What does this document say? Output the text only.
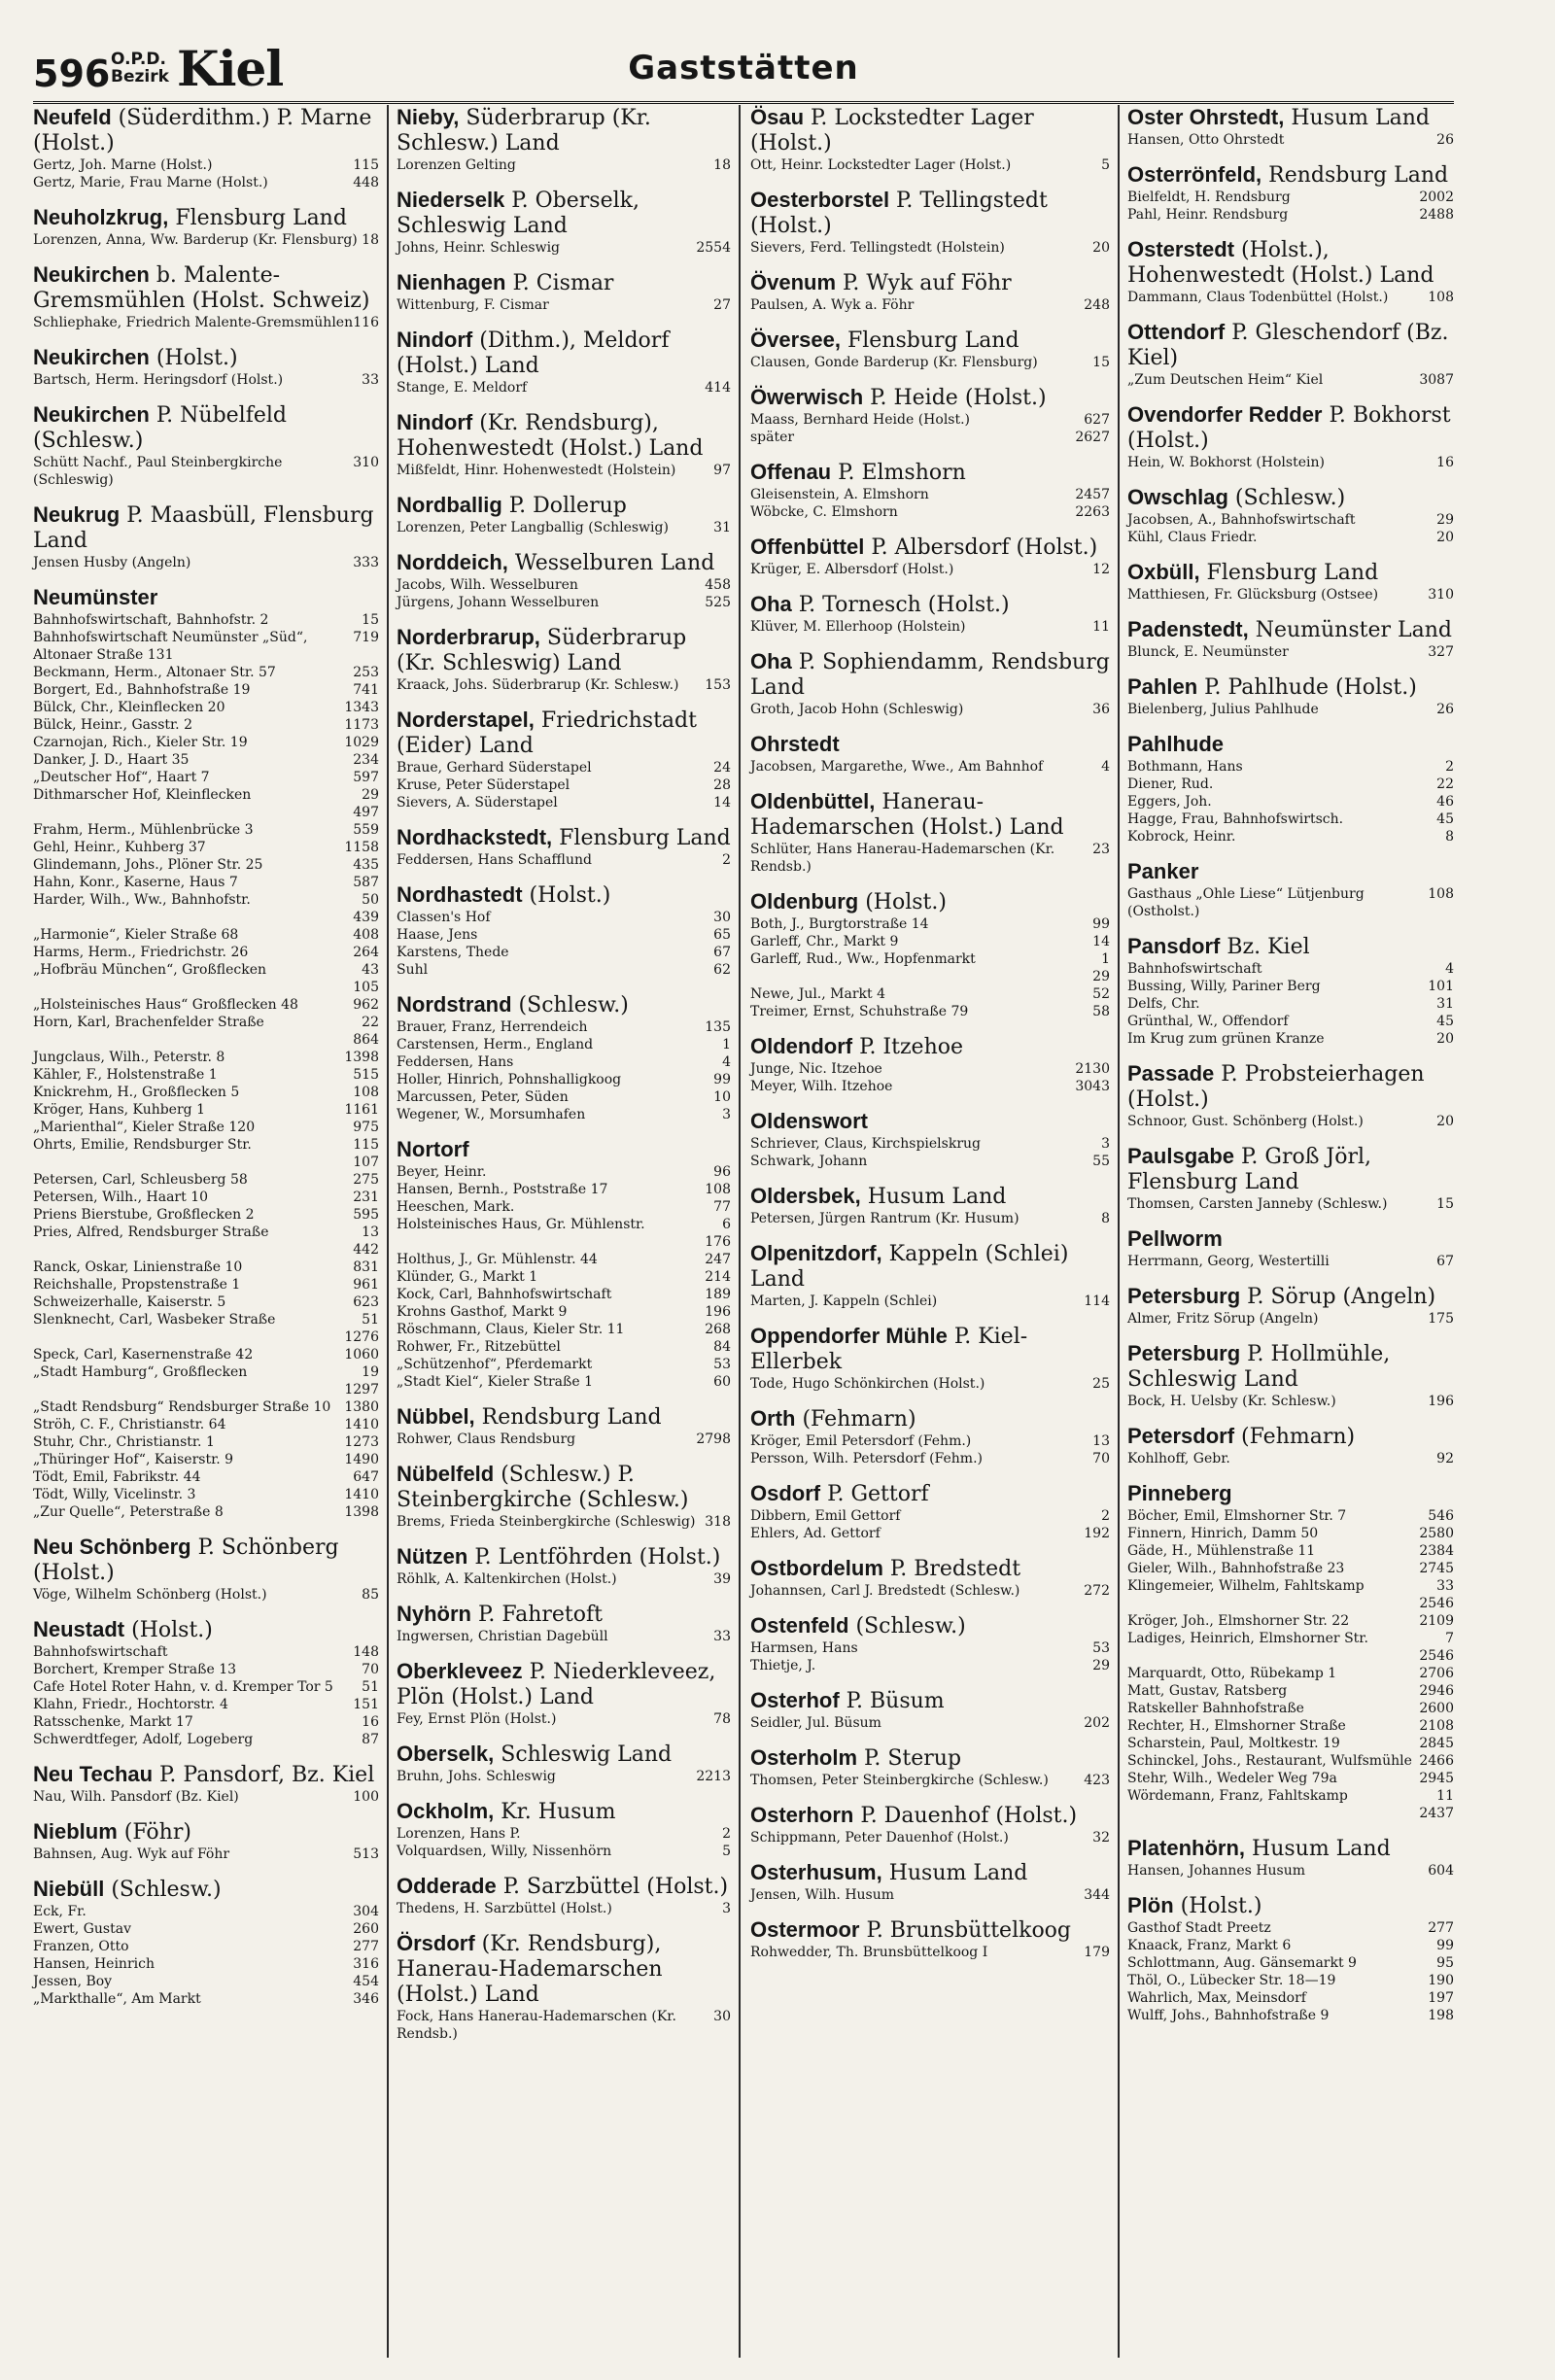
596 O.P.D.
Bezirk Kiel	Gaststätten
Neufeld (Süderdithm.) P. Marne (Holst.)
115
Gertz, Joh. Marne (Holst.)
448
Gertz, Marie, Frau Marne (Holst.)
Neuholzkrug, Flensburg Land
18
Lorenzen, Anna, Ww. Barderup (Kr. Flensburg)
Neukirchen b. Malente-Gremsmühlen (Holst. Schweiz)
116
Schliephake, Friedrich Malente-Gremsmühlen
Neukirchen (Holst.)
33
Bartsch, Herm. Heringsdorf (Holst.)
Neukirchen P. Nübelfeld (Schlesw.)
310
Schütt Nachf., Paul Steinbergkirche (Schleswig)
Neukrug P. Maasbüll, Flensburg Land
333
Jensen Husby (Angeln)
Neumünster
15
Bahnhofswirtschaft, Bahnhofstr. 2
719
Bahnhofswirtschaft Neumünster „Süd“, Altonaer Straße 131
253
Beckmann, Herm., Altonaer Str. 57
741
Borgert, Ed., Bahnhofstraße 19
1343
Bülck, Chr., Kleinflecken 20
1173
Bülck, Heinr., Gasstr. 2
1029
Czarnojan, Rich., Kieler Str. 19
234
Danker, J. D., Haart 35
597
„Deutscher Hof“, Haart 7
29
Dithmarscher Hof, Kleinflecken
497
559
Frahm, Herm., Mühlenbrücke 3
1158
Gehl, Heinr., Kuhberg 37
435
Glindemann, Johs., Plöner Str. 25
587
Hahn, Konr., Kaserne, Haus 7
50
Harder, Wilh., Ww., Bahnhofstr.
439
408
„Harmonie“, Kieler Straße 68
264
Harms, Herm., Friedrichstr. 26
43
„Hofbräu München“, Großflecken
105
962
„Holsteinisches Haus“ Großflecken 48
22
Horn, Karl, Brachenfelder Straße
864
1398
Jungclaus, Wilh., Peterstr. 8
515
Kähler, F., Holstenstraße 1
108
Knickrehm, H., Großflecken 5
1161
Kröger, Hans, Kuhberg 1
975
„Marienthal“, Kieler Straße 120
115
Ohrts, Emilie, Rendsburger Str.
107
275
Petersen, Carl, Schleusberg 58
231
Petersen, Wilh., Haart 10
595
Priens Bierstube, Großflecken 2
13
Pries, Alfred, Rendsburger Straße
442
831
Ranck, Oskar, Linienstraße 10
961
Reichshalle, Propstenstraße 1
623
Schweizerhalle, Kaiserstr. 5
51
Slenknecht, Carl, Wasbeker Straße
1276
1060
Speck, Carl, Kasernenstraße 42
19
„Stadt Hamburg“, Großflecken
1297
1380
„Stadt Rendsburg“ Rendsburger Straße 10
1410
Ströh, C. F., Christianstr. 64
1273
Stuhr, Chr., Christianstr. 1
1490
„Thüringer Hof“, Kaiserstr. 9
647
Tödt, Emil, Fabrikstr. 44
1410
Tödt, Willy, Vicelinstr. 3
1398
„Zur Quelle“, Peterstraße 8
Neu Schönberg P. Schönberg (Holst.)
85
Vöge, Wilhelm Schönberg (Holst.)
Neustadt (Holst.)
148
Bahnhofswirtschaft
70
Borchert, Kremper Straße 13
51
Cafe Hotel Roter Hahn, v. d. Kremper Tor 5
151
Klahn, Friedr., Hochtorstr. 4
16
Ratsschenke, Markt 17
87
Schwerdtfeger, Adolf, Logeberg
Neu Techau P. Pansdorf, Bz. Kiel
100
Nau, Wilh. Pansdorf (Bz. Kiel)
Nieblum (Föhr)
513
Bahnsen, Aug. Wyk auf Föhr
Niebüll (Schlesw.)
304
Eck, Fr.
260
Ewert, Gustav
277
Franzen, Otto
316
Hansen, Heinrich
454
Jessen, Boy
346
„Markthalle“, Am Markt
Nieby, Süderbrarup (Kr. Schlesw.) Land
18
Lorenzen Gelting
Niederselk P. Oberselk, Schleswig Land
2554
Johns, Heinr. Schleswig
Nienhagen P. Cismar
27
Wittenburg, F. Cismar
Nindorf (Dithm.), Meldorf (Holst.) Land
414
Stange, E. Meldorf
Nindorf (Kr. Rendsburg), Hohenwestedt (Holst.) Land
97
Mißfeldt, Hinr. Hohenwestedt (Holstein)
Nordballig P. Dollerup
31
Lorenzen, Peter Langballig (Schleswig)
Norddeich, Wesselburen Land
458
Jacobs, Wilh. Wesselburen
525
Jürgens, Johann Wesselburen
Norderbrarup, Süderbrarup (Kr. Schleswig) Land
153
Kraack, Johs. Süderbrarup (Kr. Schlesw.)
Norderstapel, Friedrichstadt (Eider) Land
24
Braue, Gerhard Süderstapel
28
Kruse, Peter Süderstapel
14
Sievers, A. Süderstapel
Nordhackstedt, Flensburg Land
2
Feddersen, Hans Schafflund
Nordhastedt (Holst.)
30
Classen's Hof
65
Haase, Jens
67
Karstens, Thede
62
Suhl
Nordstrand (Schlesw.)
135
Brauer, Franz, Herrendeich
1
Carstensen, Herm., England
4
Feddersen, Hans
99
Holler, Hinrich, Pohnshalligkoog
10
Marcussen, Peter, Süden
3
Wegener, W., Morsumhafen
Nortorf
96
Beyer, Heinr.
108
Hansen, Bernh., Poststraße 17
77
Heeschen, Mark.
6
Holsteinisches Haus, Gr. Mühlenstr.
176
247
Holthus, J., Gr. Mühlenstr. 44
214
Klünder, G., Markt 1
189
Kock, Carl, Bahnhofswirtschaft
196
Krohns Gasthof, Markt 9
268
Röschmann, Claus, Kieler Str. 11
84
Rohwer, Fr., Ritzebüttel
53
„Schützenhof“, Pferdemarkt
60
„Stadt Kiel“, Kieler Straße 1
Nübbel, Rendsburg Land
2798
Rohwer, Claus Rendsburg
Nübelfeld (Schlesw.) P. Steinbergkirche (Schlesw.)
318
Brems, Frieda Steinbergkirche (Schleswig)
Nützen P. Lentföhrden (Holst.)
39
Röhlk, A. Kaltenkirchen (Holst.)
Nyhörn P. Fahretoft
33
Ingwersen, Christian Dagebüll
Oberkleveez P. Niederkleveez, Plön (Holst.) Land
78
Fey, Ernst Plön (Holst.)
Oberselk, Schleswig Land
2213
Bruhn, Johs. Schleswig
Ockholm, Kr. Husum
2
Lorenzen, Hans P.
5
Volquardsen, Willy, Nissenhörn
Odderade P. Sarzbüttel (Holst.)
3
Thedens, H. Sarzbüttel (Holst.)
Örsdorf (Kr. Rendsburg), Hanerau-Hademarschen (Holst.) Land
30
Fock, Hans Hanerau-Hademarschen (Kr. Rendsb.)
Ösau P. Lockstedter Lager (Holst.)
5
Ott, Heinr. Lockstedter Lager (Holst.)
Oesterborstel P. Tellingstedt (Holst.)
20
Sievers, Ferd. Tellingstedt (Holstein)
Övenum P. Wyk auf Föhr
248
Paulsen, A. Wyk a. Föhr
Översee, Flensburg Land
15
Clausen, Gonde Barderup (Kr. Flensburg)
Öwerwisch P. Heide (Holst.)
627
Maass, Bernhard Heide (Holst.)
2627
später
Offenau P. Elmshorn
2457
Gleisenstein, A. Elmshorn
2263
Wöbcke, C. Elmshorn
Offenbüttel P. Albersdorf (Holst.)
12
Krüger, E. Albersdorf (Holst.)
Oha P. Tornesch (Holst.)
11
Klüver, M. Ellerhoop (Holstein)
Oha P. Sophiendamm, Rendsburg Land
36
Groth, Jacob Hohn (Schleswig)
Ohrstedt
4
Jacobsen, Margarethe, Wwe., Am Bahnhof
Oldenbüttel, Hanerau-Hademarschen (Holst.) Land
23
Schlüter, Hans Hanerau-Hademarschen (Kr. Rendsb.)
Oldenburg (Holst.)
99
Both, J., Burgtorstraße 14
14
Garleff, Chr., Markt 9
1
Garleff, Rud., Ww., Hopfenmarkt
29
52
Newe, Jul., Markt 4
58
Treimer, Ernst, Schuhstraße 79
Oldendorf P. Itzehoe
2130
Junge, Nic. Itzehoe
3043
Meyer, Wilh. Itzehoe
Oldenswort
3
Schriever, Claus, Kirchspielskrug
55
Schwark, Johann
Oldersbek, Husum Land
8
Petersen, Jürgen Rantrum (Kr. Husum)
Olpenitzdorf, Kappeln (Schlei) Land
114
Marten, J. Kappeln (Schlei)
Oppendorfer Mühle P. Kiel-Ellerbek
25
Tode, Hugo Schönkirchen (Holst.)
Orth (Fehmarn)
13
Kröger, Emil Petersdorf (Fehm.)
70
Persson, Wilh. Petersdorf (Fehm.)
Osdorf P. Gettorf
2
Dibbern, Emil Gettorf
192
Ehlers, Ad. Gettorf
Ostbordelum P. Bredstedt
272
Johannsen, Carl J. Bredstedt (Schlesw.)
Ostenfeld (Schlesw.)
53
Harmsen, Hans
29
Thietje, J.
Osterhof P. Büsum
202
Seidler, Jul. Büsum
Osterholm P. Sterup
423
Thomsen, Peter Steinbergkirche (Schlesw.)
Osterhorn P. Dauenhof (Holst.)
32
Schippmann, Peter Dauenhof (Holst.)
Osterhusum, Husum Land
344
Jensen, Wilh. Husum
Ostermoor P. Brunsbüttelkoog
179
Rohwedder, Th. Brunsbüttelkoog I
Oster Ohrstedt, Husum Land
26
Hansen, Otto Ohrstedt
Osterrönfeld, Rendsburg Land
2002
Bielfeldt, H. Rendsburg
2488
Pahl, Heinr. Rendsburg
Osterstedt (Holst.), Hohenwestedt (Holst.) Land
108
Dammann, Claus Todenbüttel (Holst.)
Ottendorf P. Gleschendorf (Bz. Kiel)
3087
„Zum Deutschen Heim“ Kiel
Ovendorfer Redder P. Bokhorst (Holst.)
16
Hein, W. Bokhorst (Holstein)
Owschlag (Schlesw.)
29
Jacobsen, A., Bahnhofswirtschaft
20
Kühl, Claus Friedr.
Oxbüll, Flensburg Land
310
Matthiesen, Fr. Glücksburg (Ostsee)
Padenstedt, Neumünster Land
327
Blunck, E. Neumünster
Pahlen P. Pahlhude (Holst.)
26
Bielenberg, Julius Pahlhude
Pahlhude
2
Bothmann, Hans
22
Diener, Rud.
46
Eggers, Joh.
45
Hagge, Frau, Bahnhofswirtsch.
8
Kobrock, Heinr.
Panker
108
Gasthaus „Ohle Liese“ Lütjenburg (Ostholst.)
Pansdorf Bz. Kiel
4
Bahnhofswirtschaft
101
Bussing, Willy, Pariner Berg
31
Delfs, Chr.
45
Grünthal, W., Offendorf
20
Im Krug zum grünen Kranze
Passade P. Probsteierhagen (Holst.)
20
Schnoor, Gust. Schönberg (Holst.)
Paulsgabe P. Groß Jörl, Flensburg Land
15
Thomsen, Carsten Janneby (Schlesw.)
Pellworm
67
Herrmann, Georg, Westertilli
Petersburg P. Sörup (Angeln)
175
Almer, Fritz Sörup (Angeln)
Petersburg P. Hollmühle, Schleswig Land
196
Bock, H. Uelsby (Kr. Schlesw.)
Petersdorf (Fehmarn)
92
Kohlhoff, Gebr.
Pinneberg
546
Böcher, Emil, Elmshorner Str. 7
2580
Finnern, Hinrich, Damm 50
2384
Gäde, H., Mühlenstraße 11
2745
Gieler, Wilh., Bahnhofstraße 23
33
Klingemeier, Wilhelm, Fahltskamp
2546
2109
Kröger, Joh., Elmshorner Str. 22
7
Ladiges, Heinrich, Elmshorner Str.
2546
2706
Marquardt, Otto, Rübekamp 1
2946
Matt, Gustav, Ratsberg
2600
Ratskeller Bahnhofstraße
2108
Rechter, H., Elmshorner Straße
2845
Scharstein, Paul, Moltkestr. 19
2466
Schinckel, Johs., Restaurant, Wulfsmühle
2945
Stehr, Wilh., Wedeler Weg 79a
11
Wördemann, Franz, Fahltskamp
2437
Platenhörn, Husum Land
604
Hansen, Johannes Husum
Plön (Holst.)
277
Gasthof Stadt Preetz
99
Knaack, Franz, Markt 6
95
Schlottmann, Aug. Gänsemarkt 9
190
Thöl, O., Lübecker Str. 18—19
197
Wahrlich, Max, Meinsdorf
198
Wulff, Johs., Bahnhofstraße 9
